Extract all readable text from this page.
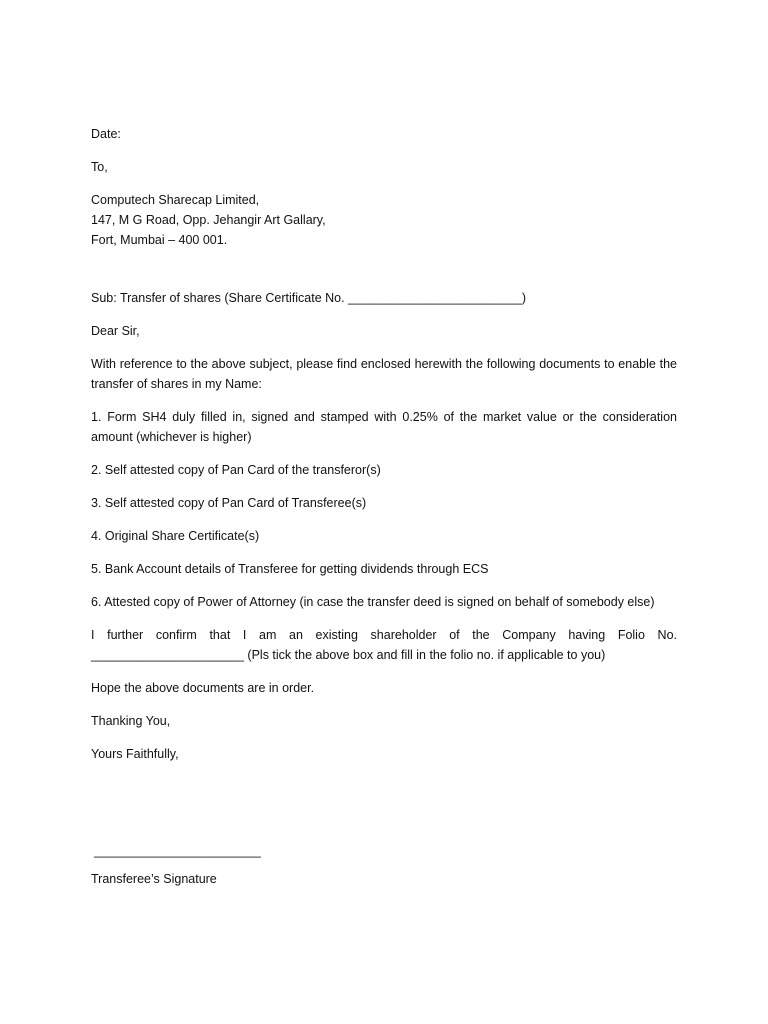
Date:

To,

Computech Sharecap Limited,

147, M G Road, Opp. Jehangir Art Gallary,

Fort, Mumbai – 400 001.

Sub: Transfer of shares (Share Certificate No. _________________________)

Dear Sir,

With reference to the above subject, please find enclosed herewith the following documents to enable the transfer of shares in my Name:

1. Form SH4 duly filled in, signed and stamped with 0.25% of the market value or the consideration amount (whichever is higher)

2. Self attested copy of Pan Card of the transferor(s)

3. Self attested copy of Pan Card of Transferee(s)

4. Original Share Certificate(s)

5. Bank Account details of Transferee for getting dividends through ECS

6. Attested copy of Power of Attorney (in case the transfer deed is signed on behalf of somebody else)

I further confirm that I am an existing shareholder of the Company having Folio No. ______________________ (Pls tick the above box and fill in the folio no. if applicable to you)

Hope the above documents are in order.

Thanking You,

Yours Faithfully,

________________________

Transferee’s Signature
